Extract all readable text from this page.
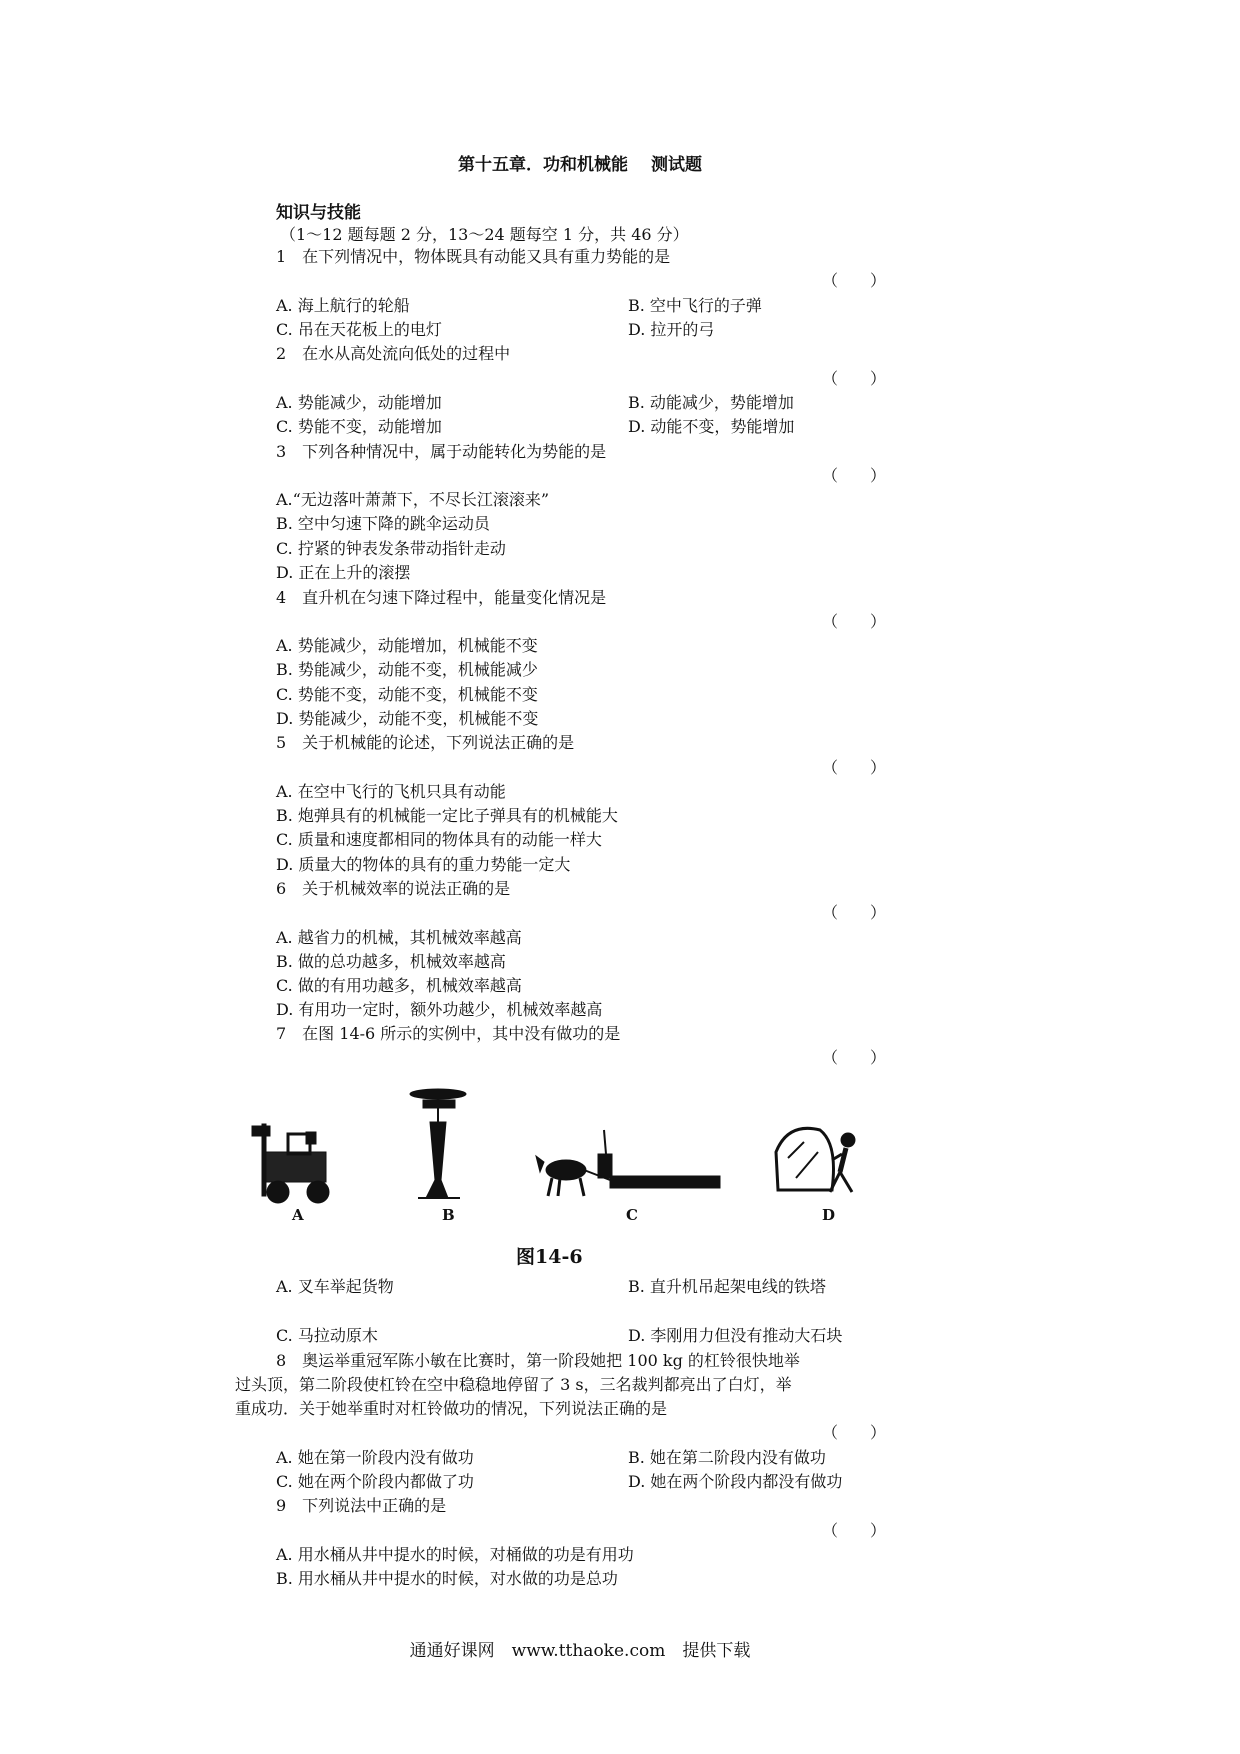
第十五章．功和机械能　 测试题
知识与技能
（1～12 题每题 2 分，13～24 题每空 1 分，共 46 分）
1　在下列情况中，物体既具有动能又具有重力势能的是
（　　）
A. 海上航行的轮船	B. 空中飞行的子弹
C. 吊在天花板上的电灯	D. 拉开的弓
2　在水从高处流向低处的过程中
（　　）
A. 势能减少，动能增加	B. 动能减少，势能增加
C. 势能不变，动能增加	D. 动能不变，势能增加
3　下列各种情况中，属于动能转化为势能的是
（　　）
A.“无边落叶萧萧下，不尽长江滚滚来”
B. 空中匀速下降的跳伞运动员
C. 拧紧的钟表发条带动指针走动
D. 正在上升的滚摆
4　直升机在匀速下降过程中，能量变化情况是
（　　）
A. 势能减少，动能增加，机械能不变
B. 势能减少，动能不变，机械能减少
C. 势能不变，动能不变，机械能不变
D. 势能减少，动能不变，机械能不变
5　关于机械能的论述，下列说法正确的是
（　　）
A. 在空中飞行的飞机只具有动能
B. 炮弹具有的机械能一定比子弹具有的机械能大
C. 质量和速度都相同的物体具有的动能一样大
D. 质量大的物体的具有的重力势能一定大
6　关于机械效率的说法正确的是
（　　）
A. 越省力的机械，其机械效率越高
B. 做的总功越多，机械效率越高
C. 做的有用功越多，机械效率越高
D. 有用功一定时，额外功越少，机械效率越高
7　在图 14-6 所示的实例中，其中没有做功的是
（　　）
A	B	C	D
图14-6
A. 叉车举起货物	B. 直升机吊起架电线的铁塔
C. 马拉动原木	D. 李刚用力但没有推动大石块
8　奥运举重冠军陈小敏在比赛时，第一阶段她把 100 kg 的杠铃很快地举
过头顶，第二阶段使杠铃在空中稳稳地停留了 3 s，三名裁判都亮出了白灯，举
重成功．关于她举重时对杠铃做功的情况，下列说法正确的是
（　　）
A. 她在第一阶段内没有做功	B. 她在第二阶段内没有做功
C. 她在两个阶段内都做了功	D. 她在两个阶段内都没有做功
9　下列说法中正确的是
（　　）
A. 用水桶从井中提水的时候，对桶做的功是有用功
B. 用水桶从井中提水的时候，对水做的功是总功
通通好课网　www.tthaoke.com　提供下载
